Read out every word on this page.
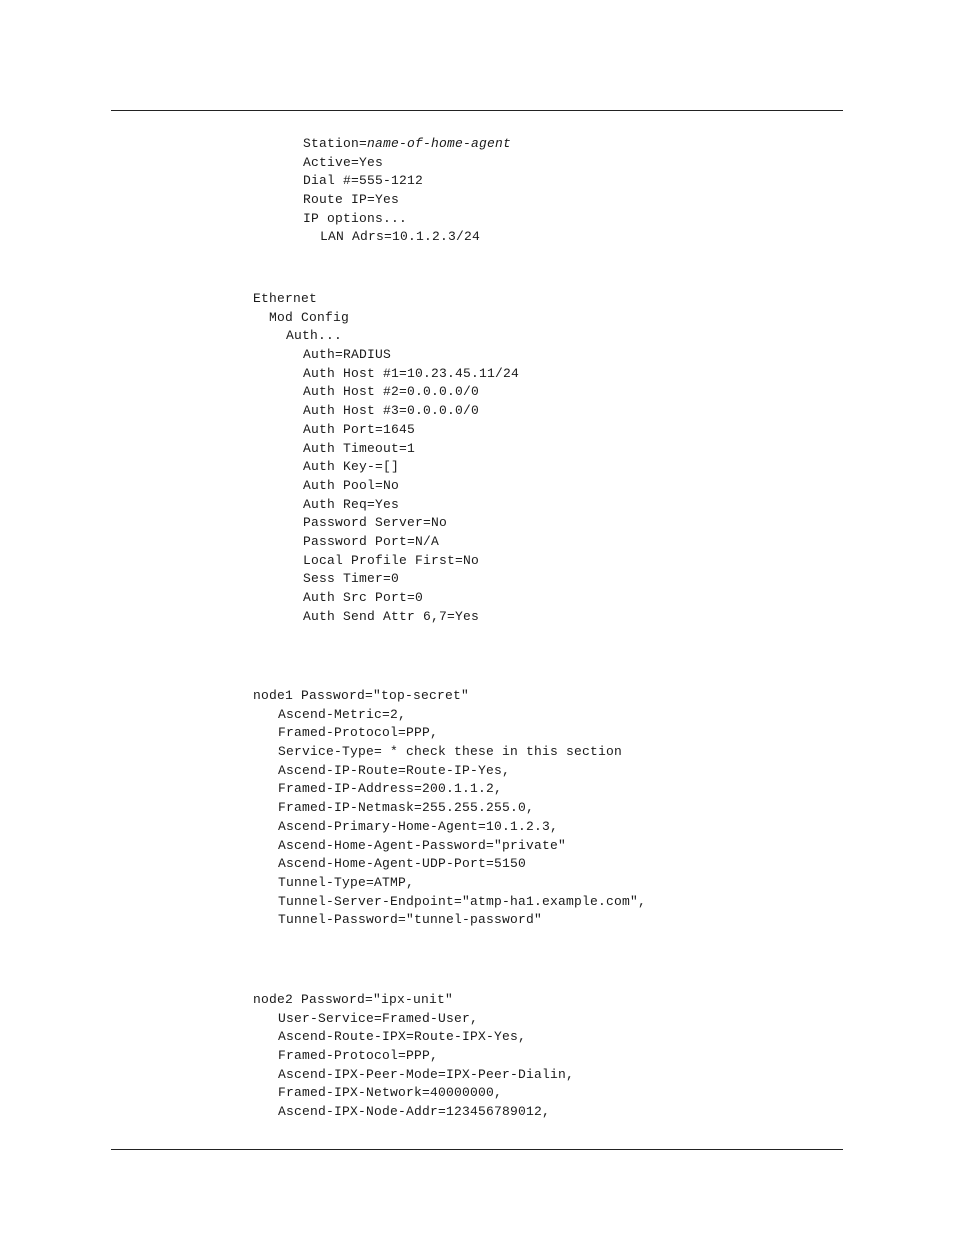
Station=name-of-home-agent
Active=Yes
Dial #=555-1212
Route IP=Yes
IP options...
LAN Adrs=10.1.2.3/24
Ethernet
Mod Config
Auth...
Auth=RADIUS
Auth Host #1=10.23.45.11/24
Auth Host #2=0.0.0.0/0
Auth Host #3=0.0.0.0/0
Auth Port=1645
Auth Timeout=1
Auth Key-=[]
Auth Pool=No
Auth Req=Yes
Password Server=No
Password Port=N/A
Local Profile First=No
Sess Timer=0
Auth Src Port=0
Auth Send Attr 6,7=Yes
node1 Password="top-secret"
Ascend-Metric=2,
Framed-Protocol=PPP,
Service-Type= * check these in this section
Ascend-IP-Route=Route-IP-Yes,
Framed-IP-Address=200.1.1.2,
Framed-IP-Netmask=255.255.255.0,
Ascend-Primary-Home-Agent=10.1.2.3,
Ascend-Home-Agent-Password="private"
Ascend-Home-Agent-UDP-Port=5150
Tunnel-Type=ATMP,
Tunnel-Server-Endpoint="atmp-ha1.example.com",
Tunnel-Password="tunnel-password"
node2 Password="ipx-unit"
User-Service=Framed-User,
Ascend-Route-IPX=Route-IPX-Yes,
Framed-Protocol=PPP,
Ascend-IPX-Peer-Mode=IPX-Peer-Dialin,
Framed-IPX-Network=40000000,
Ascend-IPX-Node-Addr=123456789012,
